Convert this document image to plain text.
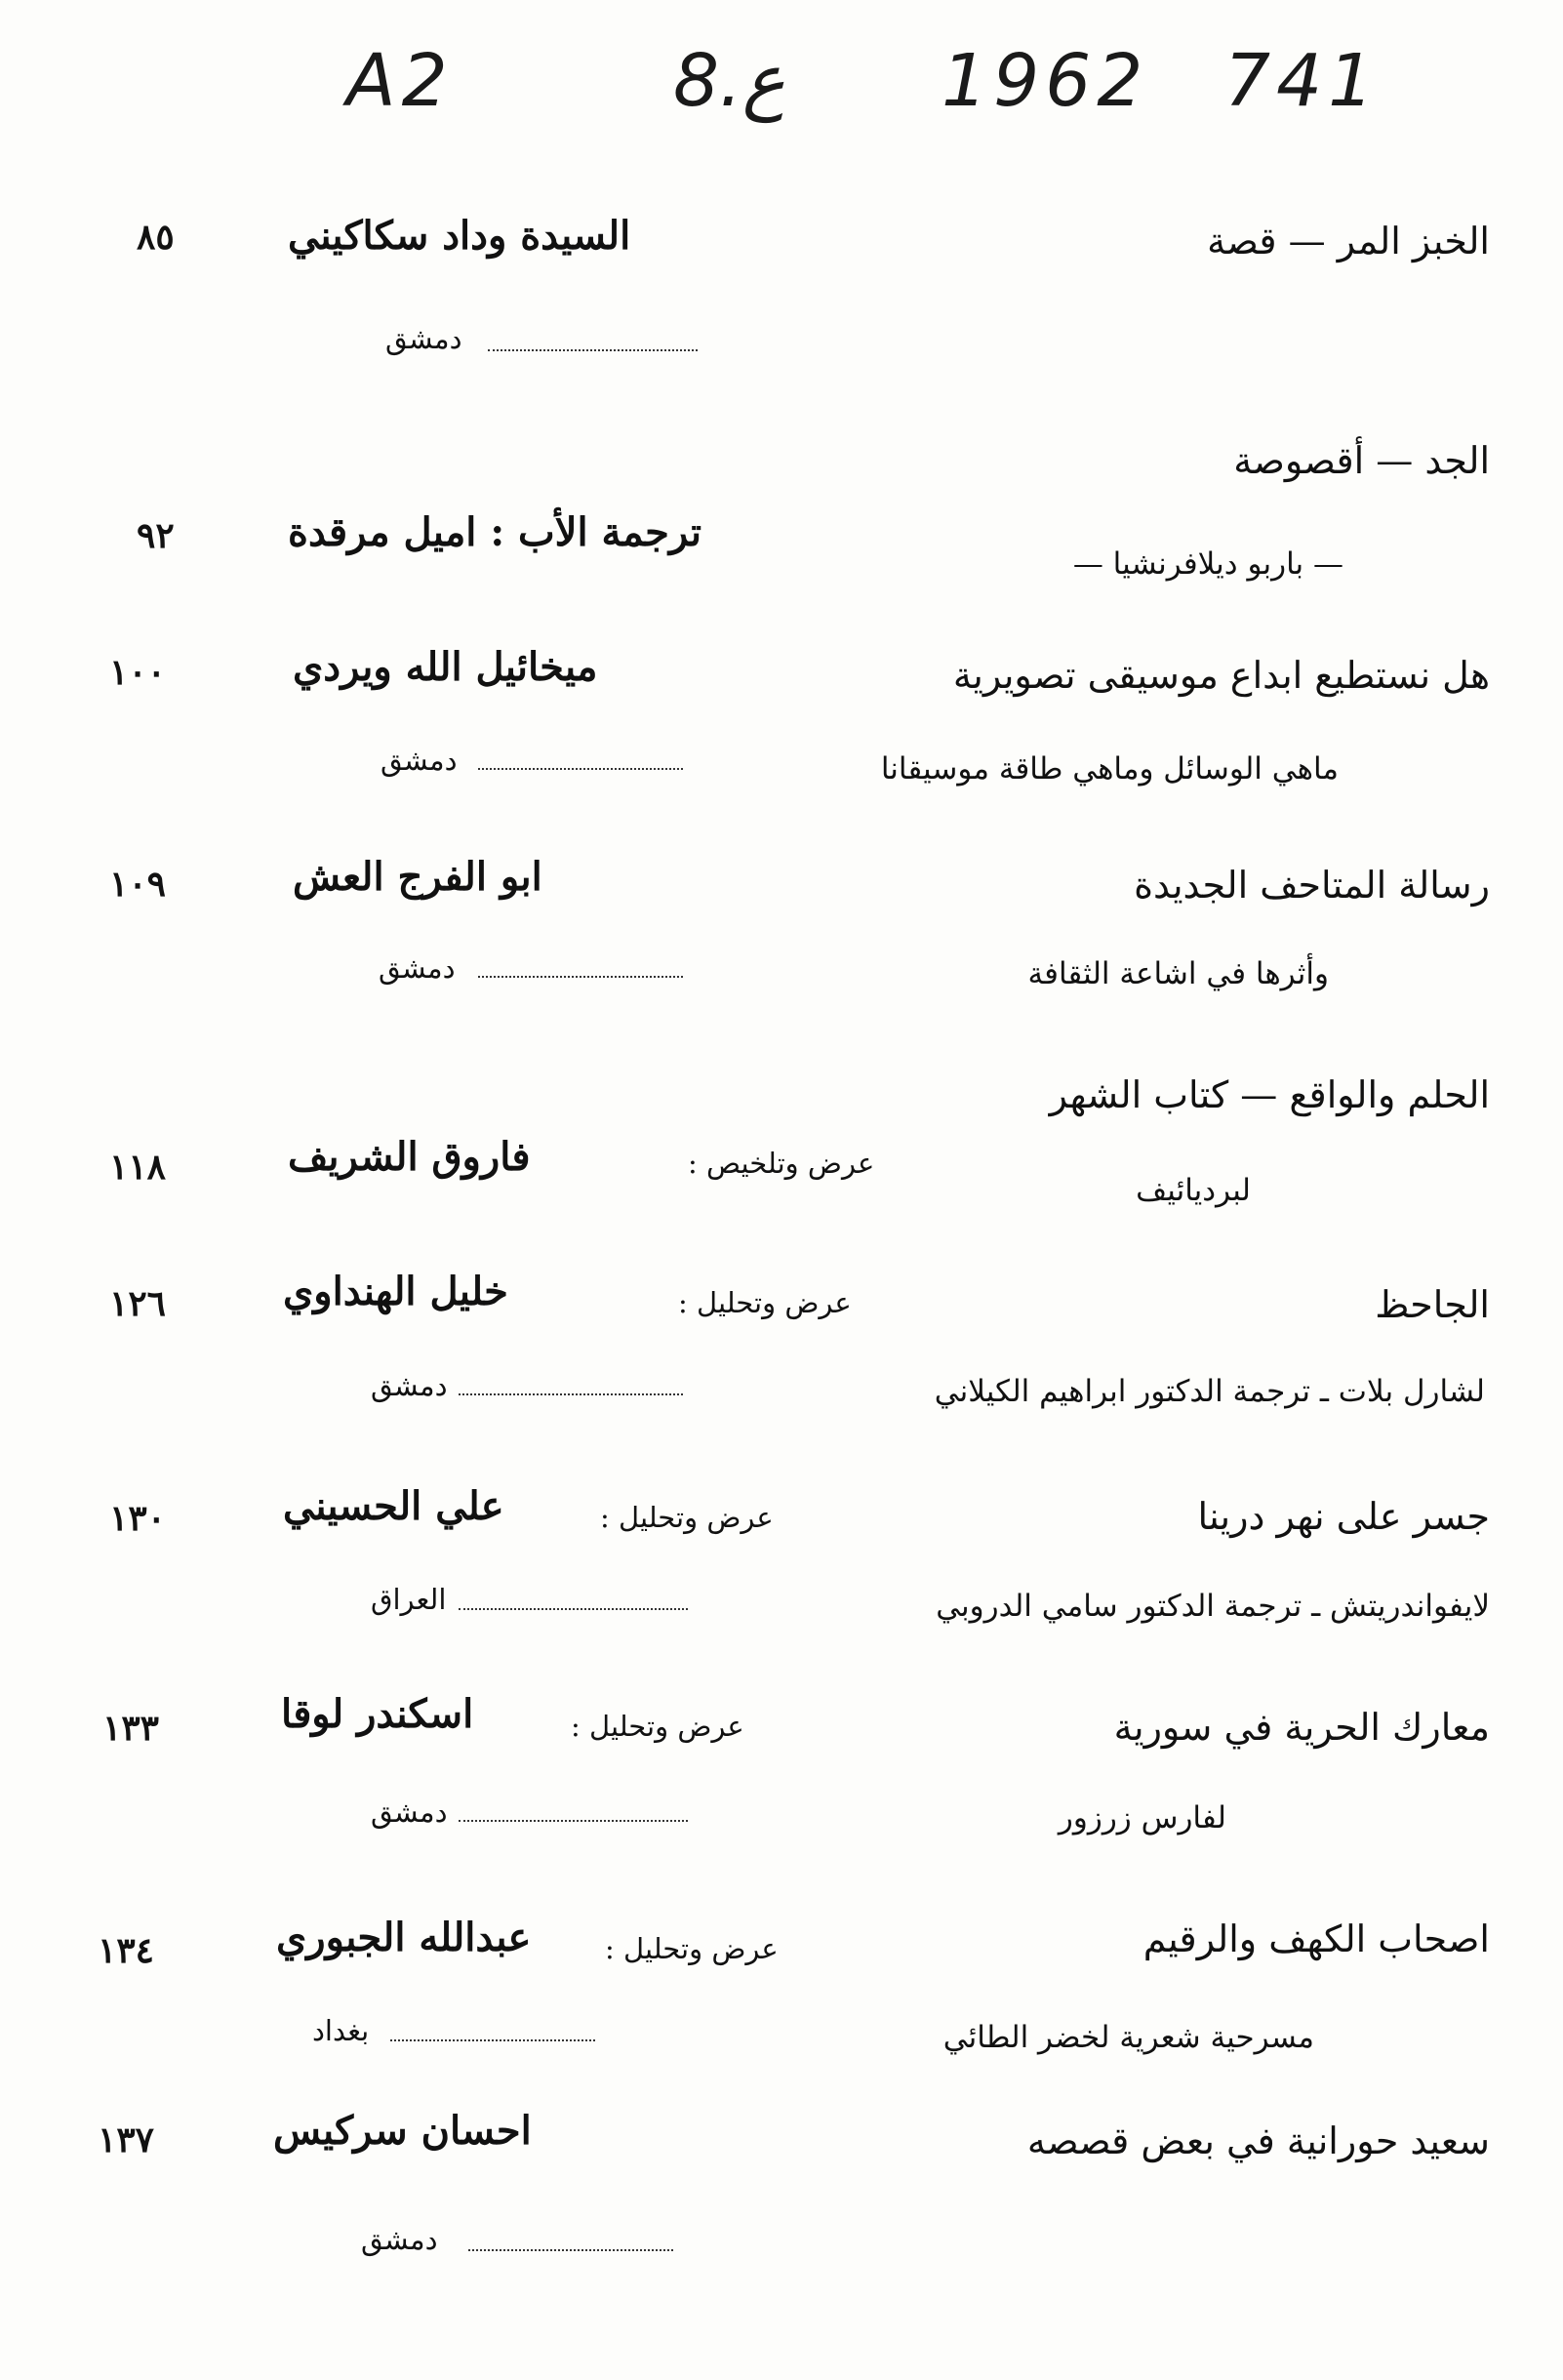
A2	8.ع 1962 741
الخبز المر — قصة
السيدة وداد سكاكيني
٨٥
دمشق
الجد — أقصوصة
ترجمة الأب : اميل مرقدة
٩٢
— باربو ديلافرنشيا —
هل نستطيع ابداع موسيقى تصويرية
ميخائيل الله ويردي
١٠٠
ماهي الوسائل وماهي طاقة موسيقانا
دمشق
رسالة المتاحف الجديدة
ابو الفرج العش
١٠٩
وأثرها في اشاعة الثقافة
دمشق
الحلم والواقع — كتاب الشهر
عرض وتلخيص :
فاروق الشريف
١١٨
لبرديائيف
الجاحظ
عرض وتحليل :
خليل الهنداوي
١٢٦
لشارل بلات ـ ترجمة الدكتور ابراهيم الكيلاني
دمشق
جسر على نهر درينا
عرض وتحليل :
علي الحسيني
١٣٠
لايفواندريتش ـ ترجمة الدكتور سامي الدروبي
العراق
معارك الحرية في سورية
عرض وتحليل :
اسكندر لوقا
١٣٣
لفارس زرزور
دمشق
اصحاب الكهف والرقيم
عرض وتحليل :
عبدالله الجبوري
١٣٤
مسرحية شعرية لخضر الطائي
بغداد
سعيد حورانية في بعض قصصه
احسان سركيس
١٣٧
دمشق
